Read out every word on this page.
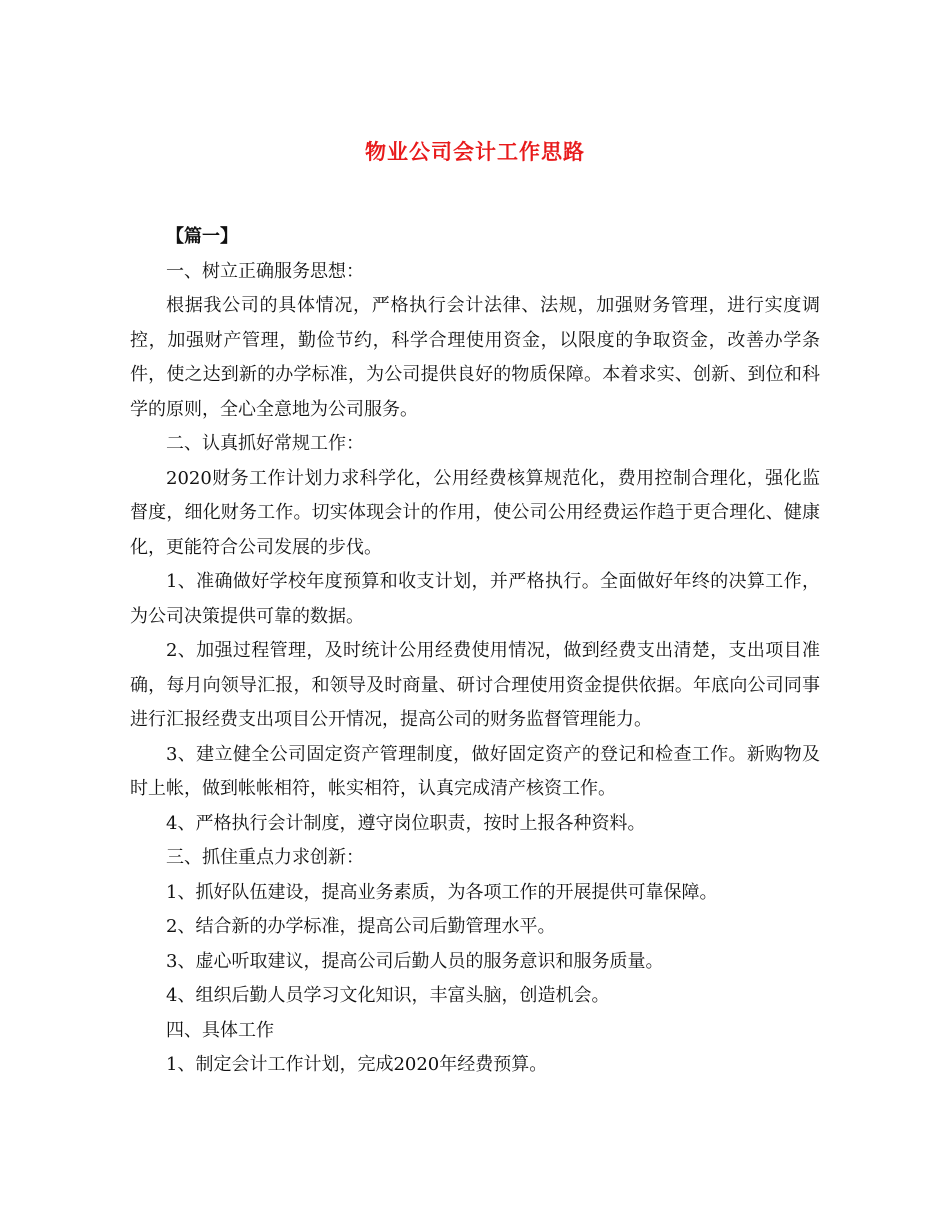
物业公司会计工作思路

【篇一】

一、树立正确服务思想：

根据我公司的具体情况，严格执行会计法律、法规，加强财务管理，进行实度调控，加强财产管理，勤俭节约，科学合理使用资金，以限度的争取资金，改善办学条件，使之达到新的办学标准，为公司提供良好的物质保障。本着求实、创新、到位和科学的原则，全心全意地为公司服务。

二、认真抓好常规工作：

2020财务工作计划力求科学化，公用经费核算规范化，费用控制合理化，强化监督度，细化财务工作。切实体现会计的作用，使公司公用经费运作趋于更合理化、健康化，更能符合公司发展的步伐。

1、准确做好学校年度预算和收支计划，并严格执行。全面做好年终的决算工作，为公司决策提供可靠的数据。

2、加强过程管理，及时统计公用经费使用情况，做到经费支出清楚，支出项目准确，每月向领导汇报，和领导及时商量、研讨合理使用资金提供依据。年底向公司同事进行汇报经费支出项目公开情况，提高公司的财务监督管理能力。

3、建立健全公司固定资产管理制度，做好固定资产的登记和检查工作。新购物及时上帐，做到帐帐相符，帐实相符，认真完成清产核资工作。

4、严格执行会计制度，遵守岗位职责，按时上报各种资料。

三、抓住重点力求创新：

1、抓好队伍建设，提高业务素质，为各项工作的开展提供可靠保障。

2、结合新的办学标准，提高公司后勤管理水平。

3、虚心听取建议，提高公司后勤人员的服务意识和服务质量。

4、组织后勤人员学习文化知识，丰富头脑，创造机会。

四、具体工作

1、制定会计工作计划，完成2020年经费预算。
